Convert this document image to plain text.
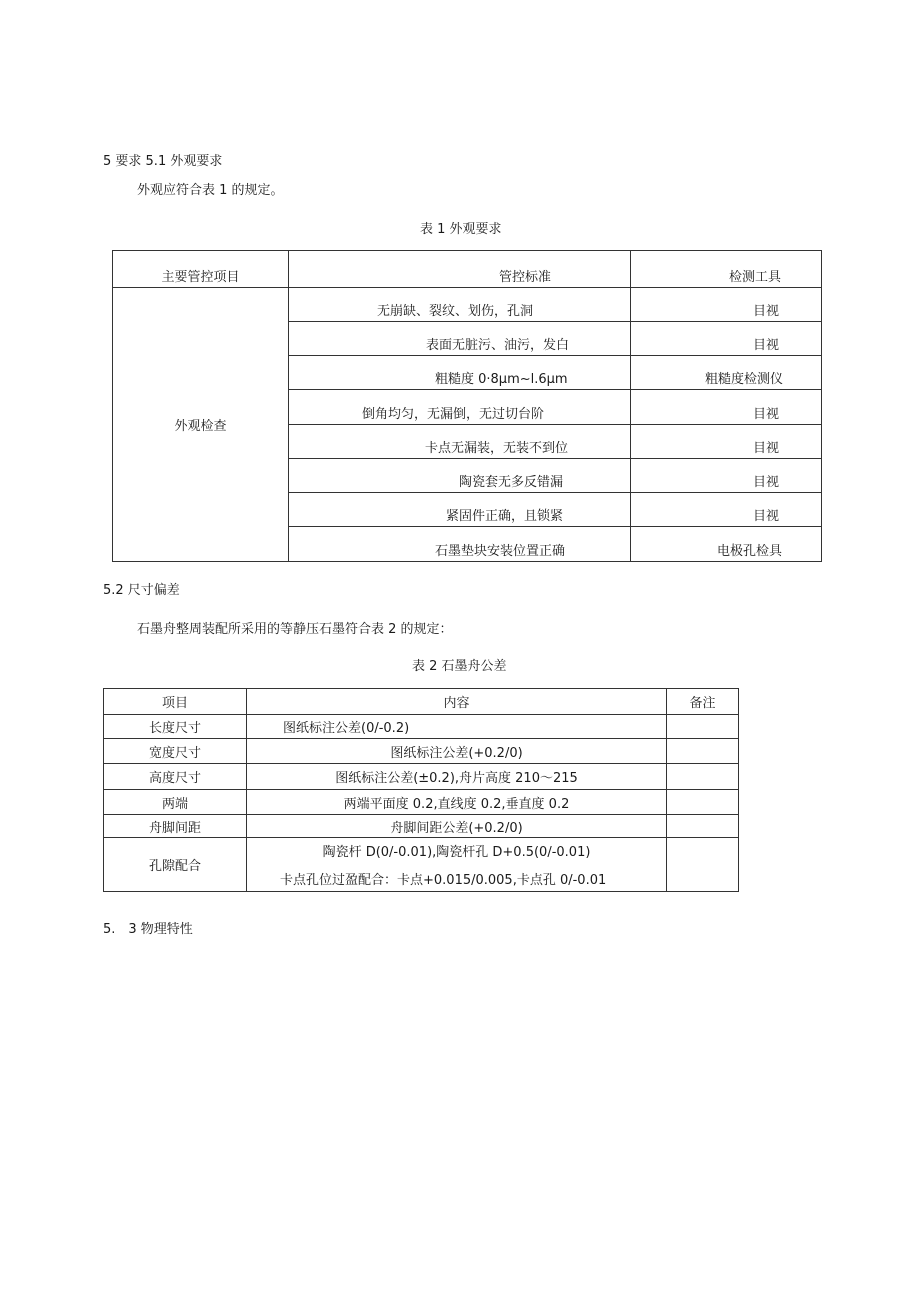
5 要求 5.1 外观要求
外观应符合表 1 的规定。
表 1 外观要求
主要管控项目	管控标准	检测工具
外观检查	无崩缺、裂纹、划伤，孔洞	目视
	表面无脏污、油污，发白	目视
	粗糙度 0·8μm~l.6μm	粗糙度检测仪
	倒角均匀，无漏倒，无过切台阶	目视
	卡点无漏装，无装不到位	目视
	陶瓷套无多反错漏	目视
	紧固件正确，且锁紧	目视
	石墨垫块安装位置正确	电极孔检具
5.2 尺寸偏差
石墨舟整周装配所采用的等静压石墨符合表 2 的规定：
表 2 石墨舟公差
项目	内容	备注
长度尺寸	图纸标注公差(0/-0.2)	
宽度尺寸	图纸标注公差(+0.2/0)	
高度尺寸	图纸标注公差(±0.2),舟片高度 210～215	
两端	两端平面度 0.2,直线度 0.2,垂直度 0.2	
舟脚间距	舟脚间距公差(+0.2/0)	
孔隙配合	陶瓷杆 D(0/-0.01),陶瓷杆孔 D+0.5(0/-0.01)
卡点孔位过盈配合：卡点+0.015/0.005,卡点孔 0/-0.01	

5.　3 物理特性
